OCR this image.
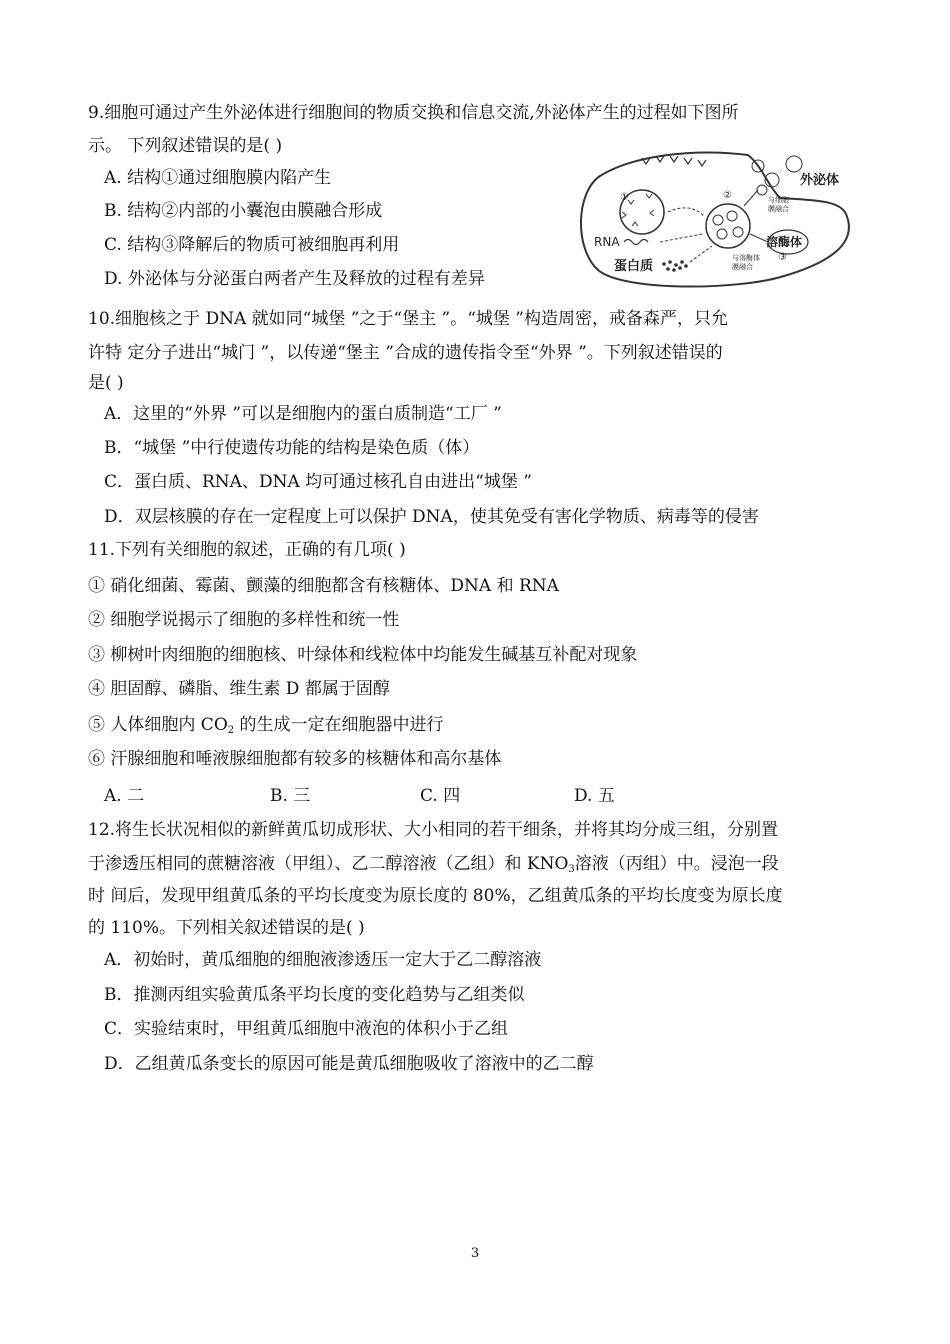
9.细胞可通过产生外泌体进行细胞间的物质交换和信息交流,外泌体产生的过程如下图所
示。 下列叙述错误的是( )
A. 结构①通过细胞膜内陷产生
B. 结构②内部的小囊泡由膜融合形成
C. 结构③降解后的物质可被细胞再利用
D. 外泌体与分泌蛋白两者产生及释放的过程有差异
①	②
外泌体
与细胞
膜融合
溶酶体
③
与溶酶体
膜融合
RNA
蛋白质
10.细胞核之于 DNA 就如同“城堡 ”之于“堡主 ”。“城堡 ”构造周密，戒备森严，只允
许特 定分子进出“城门 ”，以传递“堡主 ”合成的遗传指令至“外界 ”。下列叙述错误的
是( )
A．这里的“外界 ”可以是细胞内的蛋白质制造“工厂 ”
B．“城堡 ”中行使遗传功能的结构是染色质（体）
C．蛋白质、RNA、DNA 均可通过核孔自由进出“城堡 ”
D．双层核膜的存在一定程度上可以保护 DNA，使其免受有害化学物质、病毒等的侵害
11.下列有关细胞的叙述，正确的有几项( )
① 硝化细菌、霉菌、颤藻的细胞都含有核糖体、DNA 和 RNA
② 细胞学说揭示了细胞的多样性和统一性
③ 柳树叶肉细胞的细胞核、叶绿体和线粒体中均能发生碱基互补配对现象
④ 胆固醇、磷脂、维生素 D 都属于固醇
⑤ 人体细胞内 $CO_2$ 的生成一定在细胞器中进行
⑥ 汗腺细胞和唾液腺细胞都有较多的核糖体和高尔基体
A. 二	B. 三	C. 四	D. 五
12.将生长状况相似的新鲜黄瓜切成形状、大小相同的若干细条，并将其均分成三组，分别置
于渗透压相同的蔗糖溶液（甲组）、乙二醇溶液（乙组）和 $KNO_3$溶液（丙组）中。浸泡一段
时 间后，发现甲组黄瓜条的平均长度变为原长度的 80%，乙组黄瓜条的平均长度变为原长度
的 110%。下列相关叙述错误的是( )
A．初始时，黄瓜细胞的细胞液渗透压一定大于乙二醇溶液
B．推测丙组实验黄瓜条平均长度的变化趋势与乙组类似
C．实验结束时，甲组黄瓜细胞中液泡的体积小于乙组
D．乙组黄瓜条变长的原因可能是黄瓜细胞吸收了溶液中的乙二醇
3
